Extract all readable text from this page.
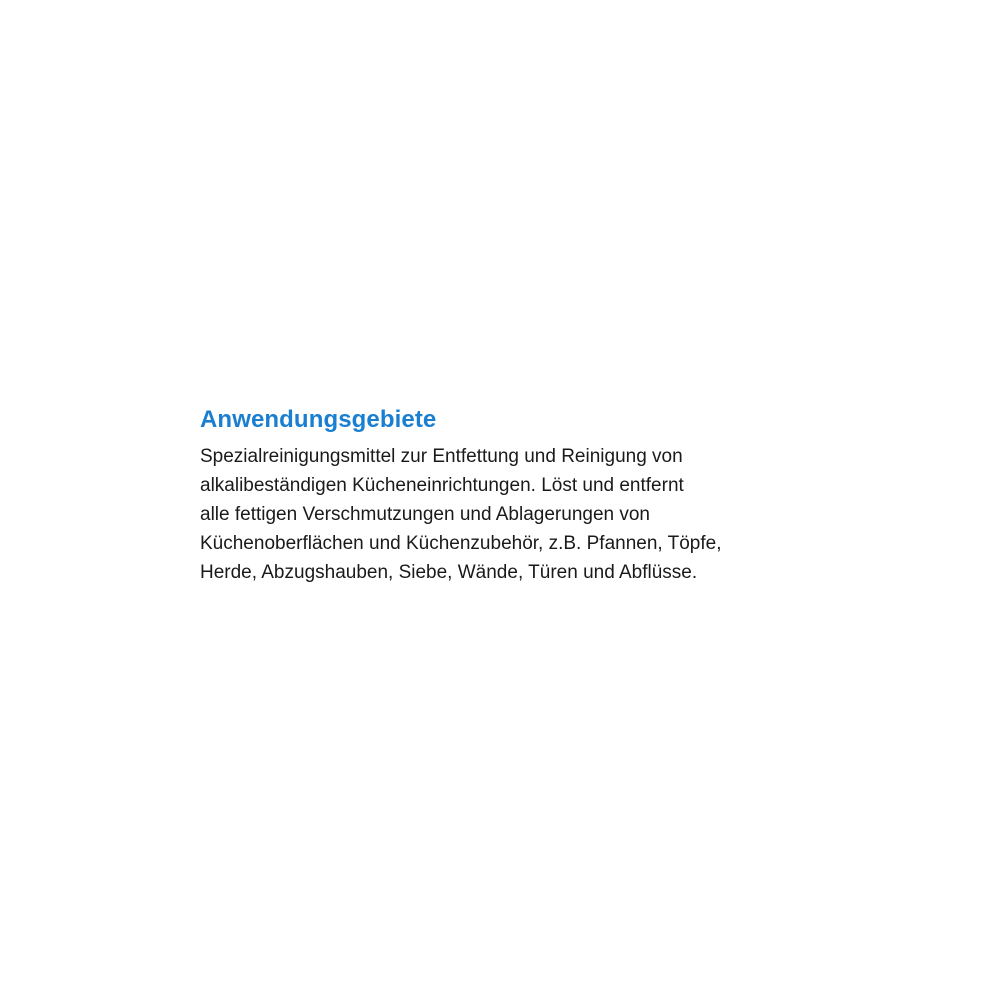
Anwendungsgebiete

Spezialreinigungsmittel zur Entfettung und Reinigung von
alkalibeständigen Kücheneinrichtungen. Löst und entfernt
alle fettigen Verschmutzungen und Ablagerungen von
Küchenoberflächen und Küchenzubehör, z.B. Pfannen, Töpfe,
Herde, Abzugshauben, Siebe, Wände, Türen und Abflüsse.
